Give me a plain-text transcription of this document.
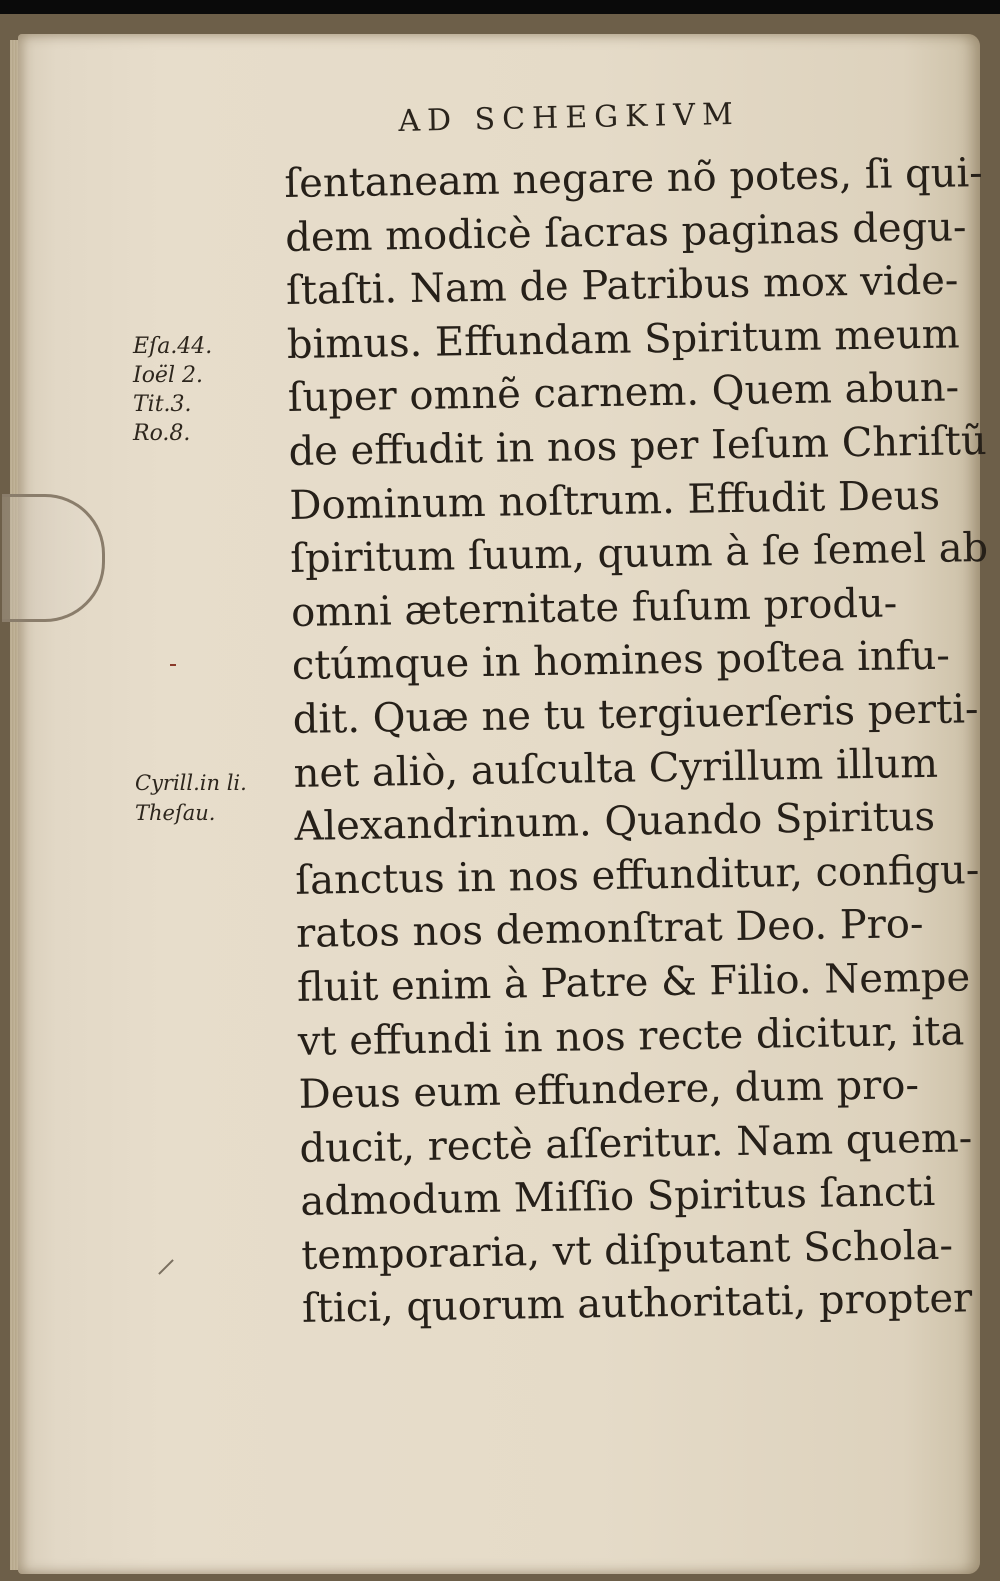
AD SCHEGKIVM
Eſa.44.
Ioël 2.
Tit.3.
Ro.8.
Cyrill.in li.
Theſau.
ſentaneam negare nõ potes, ſi qui-
dem modicè ſacras paginas degu-
ſtaſti. Nam de Patribus mox vide-
bimus. Effundam Spiritum meum
ſuper omnẽ carnem. Quem abun-
de effudit in nos per Ieſum Chriſtũ
Dominum noſtrum. Effudit Deus
ſpiritum ſuum, quum à ſe ſemel ab
omni æternitate fuſum produ-
ctúmque in homines poſtea infu-
dit. Quæ ne tu tergiuerſeris perti-
net aliò, auſculta Cyrillum illum
Alexandrinum. Quando Spiritus
ſanctus in nos effunditur, configu-
ratos nos demonſtrat Deo. Pro-
fluit enim à Patre & Filio. Nempe
vt effundi in nos recte dicitur, ita
Deus eum effundere, dum pro-
ducit, rectè aſſeritur. Nam quem-
admodum Miſſio Spiritus ſancti
temporaria, vt diſputant Schola-
ſtici, quorum authoritati, propter
